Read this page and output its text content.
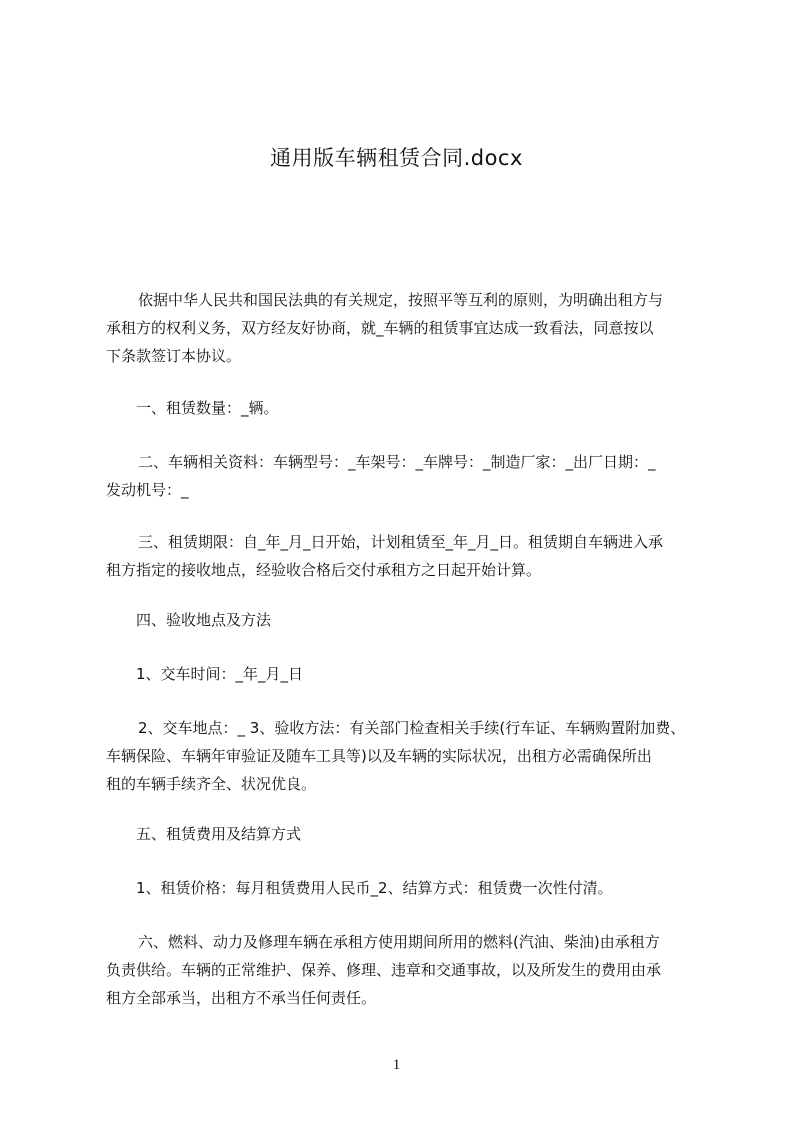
通用版车辆租赁合同.docx
依据中华人民共和国民法典的有关规定，按照平等互利的原则，为明确出租方与
承租方的权利义务，双方经友好协商，就_车辆的租赁事宜达成一致看法，同意按以
下条款签订本协议。
一、租赁数量：_辆。
二、车辆相关资料：车辆型号：_车架号：_车牌号：_制造厂家：_出厂日期：_
发动机号：_
三、租赁期限：自_年_月_日开始，计划租赁至_年_月_日。租赁期自车辆进入承
租方指定的接收地点，经验收合格后交付承租方之日起开始计算。
四、验收地点及方法
1、交车时间：_年_月_日
2、交车地点：_ 3、验收方法：有关部门检查相关手续(行车证、车辆购置附加费、
车辆保险、车辆年审验证及随车工具等)以及车辆的实际状况，出租方必需确保所出
租的车辆手续齐全、状况优良。
五、租赁费用及结算方式
1、租赁价格：每月租赁费用人民币_2、结算方式：租赁费一次性付清。
六、燃料、动力及修理车辆在承租方使用期间所用的燃料(汽油、柴油)由承租方
负责供给。车辆的正常维护、保养、修理、违章和交通事故，以及所发生的费用由承
租方全部承当，出租方不承当任何责任。
1
